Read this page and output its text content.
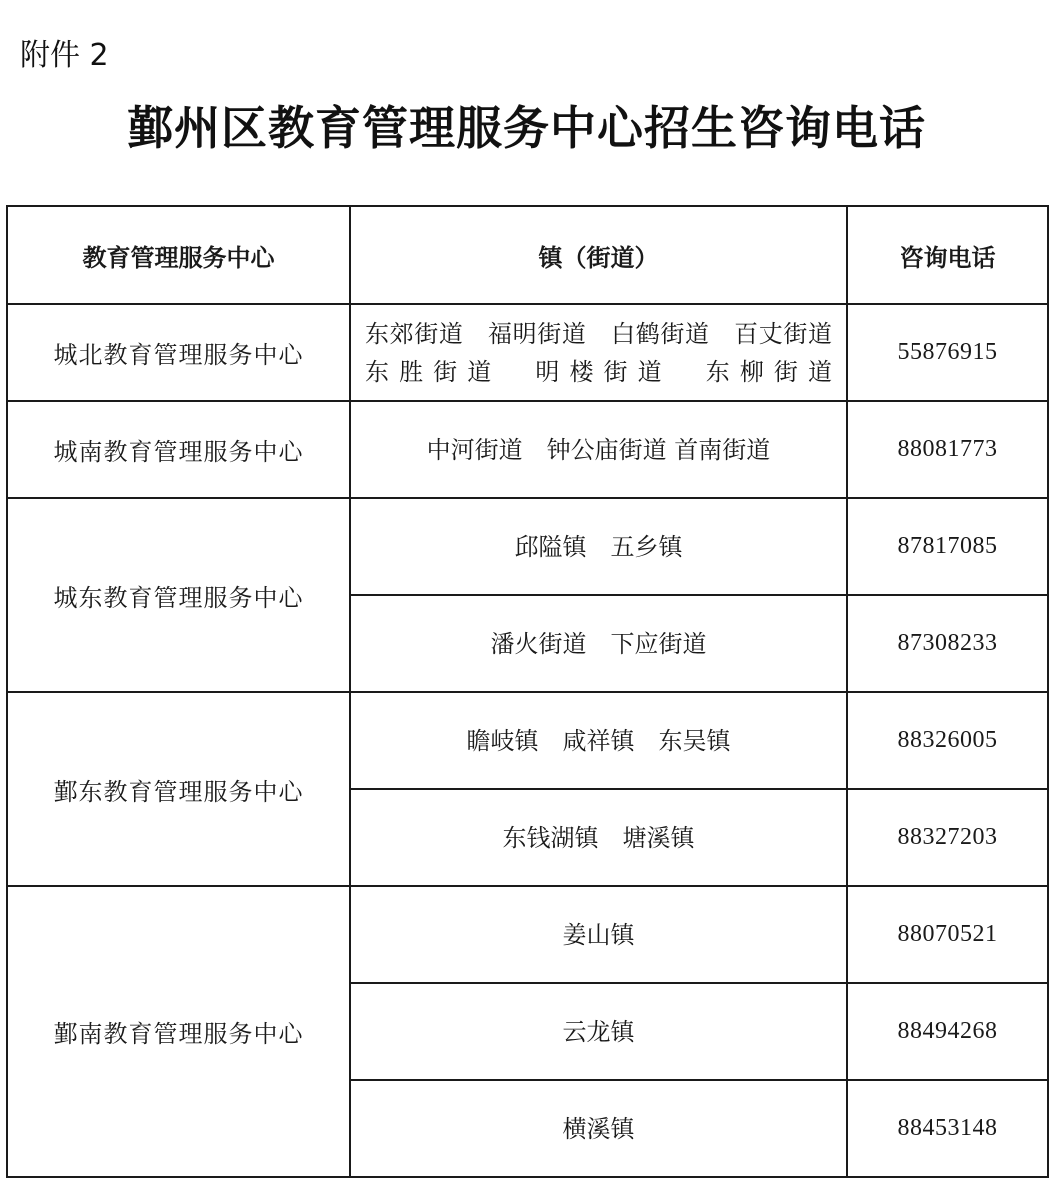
附件 2
鄞州区教育管理服务中心招生咨询电话
教育管理服务中心	镇（街道）	咨询电话
城北教育管理服务中心	东郊街道　福明街道　白鹤街道　百丈街道　东胜街道　明楼街道　东柳街道	55876915
城南教育管理服务中心	中河街道　钟公庙街道 首南街道	88081773
城东教育管理服务中心	邱隘镇　五乡镇	87817085
	潘火街道　下应街道	87308233
鄞东教育管理服务中心	瞻岐镇　咸祥镇　东吴镇	88326005
	东钱湖镇　塘溪镇	88327203
鄞南教育管理服务中心	姜山镇	88070521
	云龙镇	88494268
	横溪镇	88453148
